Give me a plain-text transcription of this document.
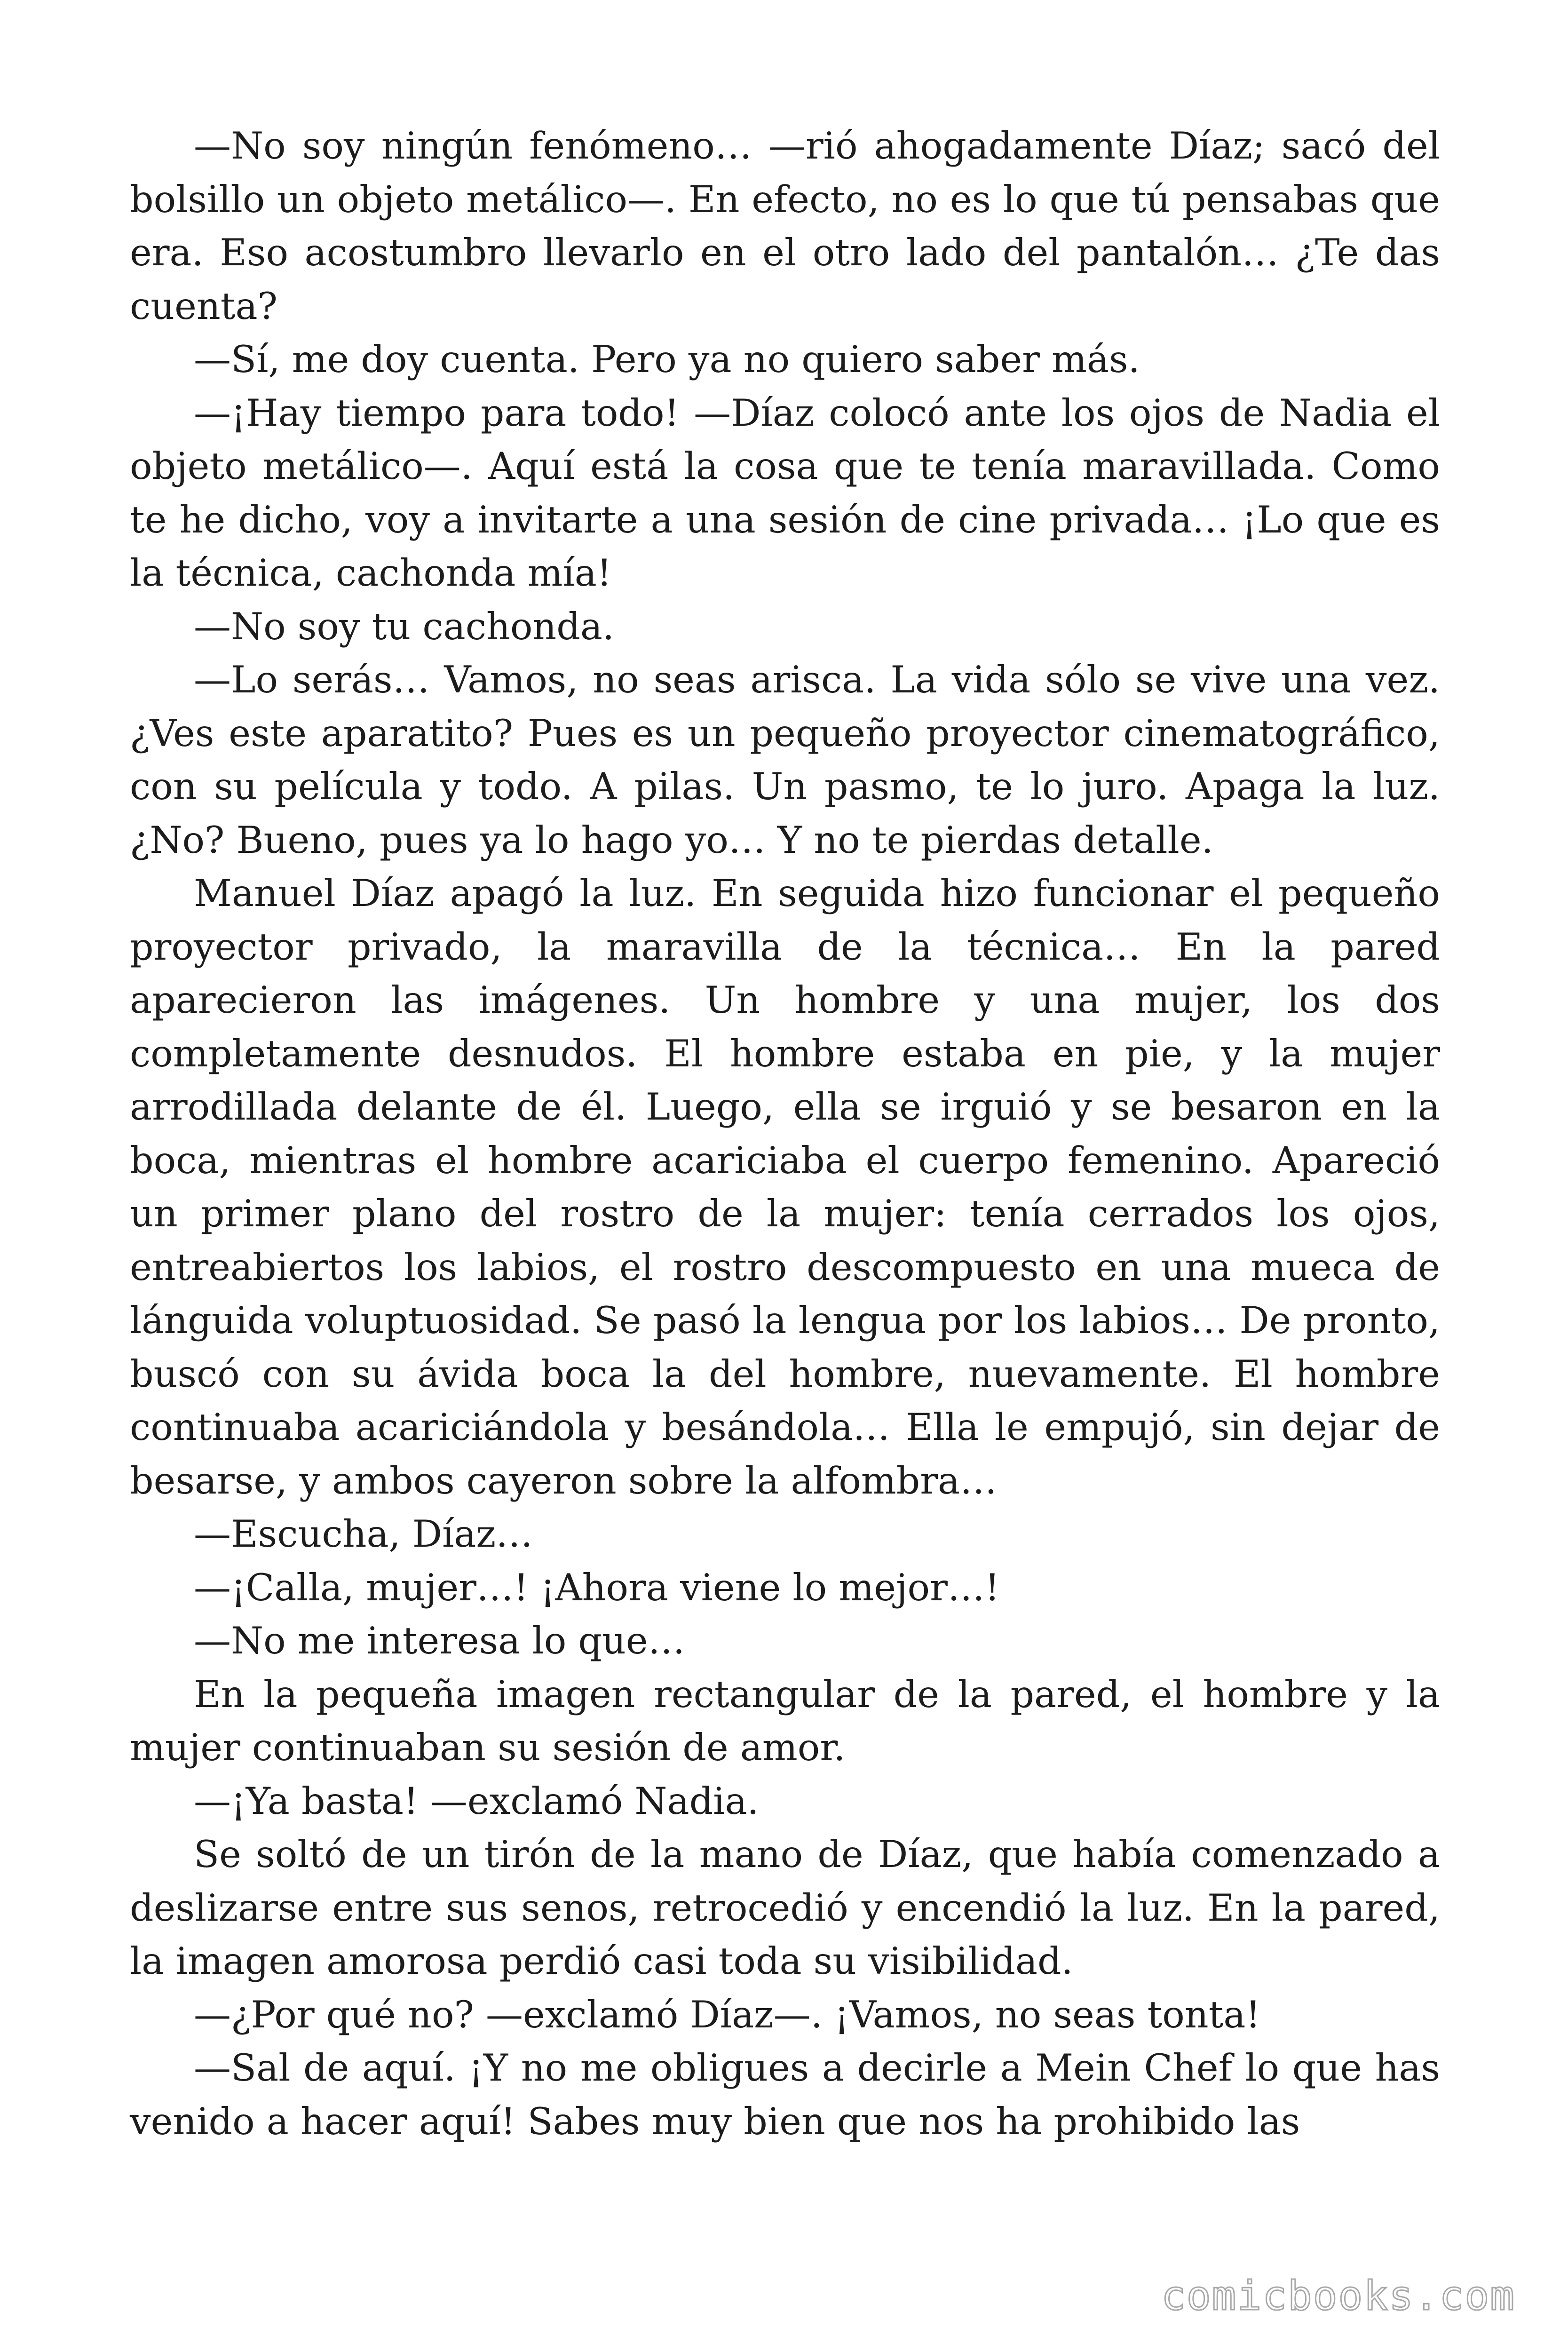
—No soy ningún fenómeno… —rió ahogadamente Díaz; sacó del bolsillo un objeto metálico—. En efecto, no es lo que tú pensabas que era. Eso acostumbro llevarlo en el otro lado del pantalón… ¿Te das cuenta?

—Sí, me doy cuenta. Pero ya no quiero saber más.

—¡Hay tiempo para todo! —Díaz colocó ante los ojos de Nadia el objeto metálico—. Aquí está la cosa que te tenía maravillada. Como te he dicho, voy a invitarte a una sesión de cine privada… ¡Lo que es la técnica, cachonda mía!

—No soy tu cachonda.

—Lo serás… Vamos, no seas arisca. La vida sólo se vive una vez. ¿Ves este aparatito? Pues es un pequeño proyector cinematográfico, con su película y todo. A pilas. Un pasmo, te lo juro. Apaga la luz. ¿No? Bueno, pues ya lo hago yo… Y no te pierdas detalle.

Manuel Díaz apagó la luz. En seguida hizo funcionar el pequeño proyector privado, la maravilla de la técnica… En la pared aparecieron las imágenes. Un hombre y una mujer, los dos completamente desnudos. El hombre estaba en pie, y la mujer arrodillada delante de él. Luego, ella se irguió y se besaron en la boca, mientras el hombre acariciaba el cuerpo femenino. Apareció un primer plano del rostro de la mujer: tenía cerrados los ojos, entreabiertos los labios, el rostro descompuesto en una mueca de lánguida voluptuosidad. Se pasó la lengua por los labios… De pronto, buscó con su ávida boca la del hombre, nuevamente. El hombre continuaba acariciándola y besándola… Ella le empujó, sin dejar de besarse, y ambos cayeron sobre la alfombra…

—Escucha, Díaz…

—¡Calla, mujer…! ¡Ahora viene lo mejor…!

—No me interesa lo que…

En la pequeña imagen rectangular de la pared, el hombre y la mujer continuaban su sesión de amor.

—¡Ya basta! —exclamó Nadia.

Se soltó de un tirón de la mano de Díaz, que había comenzado a deslizarse entre sus senos, retrocedió y encendió la luz. En la pared, la imagen amorosa perdió casi toda su visibilidad.

—¿Por qué no? —exclamó Díaz—. ¡Vamos, no seas tonta!

—Sal de aquí. ¡Y no me obligues a decirle a Mein Chef lo que has venido a hacer aquí! Sabes muy bien que nos ha prohibido las

comicbooks.com
